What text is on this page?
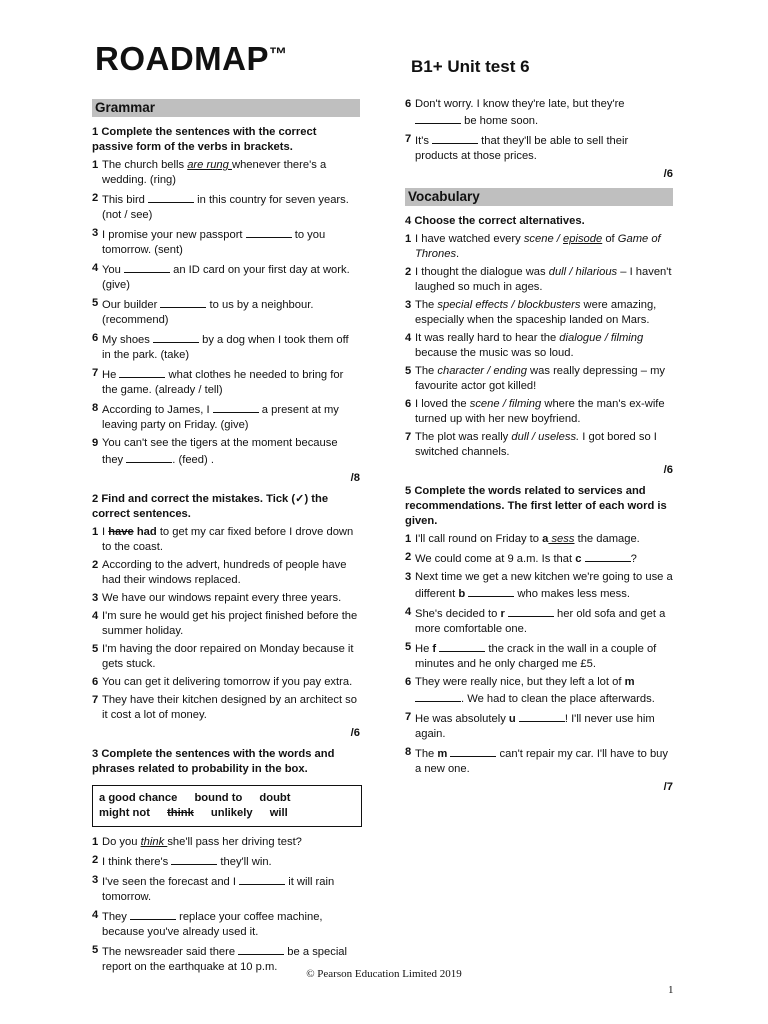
ROADMAP™
B1+ Unit test 6
Grammar
1 Complete the sentences with the correct passive form of the verbs in brackets.
1 The church bells are rung whenever there's a wedding. (ring)
2 This bird	in this country for seven years. (not / see)
3 I promise your new passport	to you tomorrow. (sent)
4 You	an ID card on your first day at work. (give)
5 Our builder	to us by a neighbour. (recommend)
6 My shoes	by a dog when I took them off in the park. (take)
7 He	what clothes he needed to bring for the game. (already / tell)
8 According to James, I	a present at my leaving party on Friday. (give)
9 You can't see the tigers at the moment because they	. (feed) .
/8
2 Find and correct the mistakes. Tick (✓) the correct sentences.
1 I have had to get my car fixed before I drove down to the coast.
2 According to the advert, hundreds of people have had their windows replaced.
3 We have our windows repaint every three years.
4 I'm sure he would get his project finished before the summer holiday.
5 I'm having the door repaired on Monday because it gets stuck.
6 You can get it delivering tomorrow if you pay extra.
7 They have their kitchen designed by an architect so it cost a lot of money.
/6
3 Complete the sentences with the words and phrases related to probability in the box.
a good chance bound to doubt
might not think unlikely will
1 Do you think she'll pass her driving test?
2 I think there's	they'll win.
3 I've seen the forecast and I	it will rain tomorrow.
4 They	replace your coffee machine, because you've already used it.
5 The newsreader said there	be a special report on the earthquake at 10 p.m.
6 Don't worry. I know they're late, but they're  be home soon.
7 It's	that they'll be able to sell their products at those prices.
/6
Vocabulary
4 Choose the correct alternatives.
1 I have watched every scene / episode of Game of Thrones.
2 I thought the dialogue was dull / hilarious – I haven't laughed so much in ages.
3 The special effects / blockbusters were amazing, especially when the spaceship landed on Mars.
4 It was really hard to hear the dialogue / filming because the music was so loud.
5 The character / ending was really depressing – my favourite actor got killed!
6 I loved the scene / filming where the man's ex-wife turned up with her new boyfriend.
7 The plot was really dull / useless. I got bored so I switched channels.
/6
5 Complete the words related to services and recommendations. The first letter of each word is given.
1 I'll call round on Friday to a sess the damage.
2 We could come at 9 a.m. Is that c	?
3 Next time we get a new kitchen we're going to use a different b	who makes less mess.
4 She's decided to r	her old sofa and get a more comfortable one.
5 He f	the crack in the wall in a couple of minutes and he only charged me £5.
6 They were really nice, but they left a lot of m . We had to clean the place afterwards.
7 He was absolutely u	! I'll never use him again.
8 The m	can't repair my car. I'll have to buy a new one.
/7
© Pearson Education Limited 2019
1
